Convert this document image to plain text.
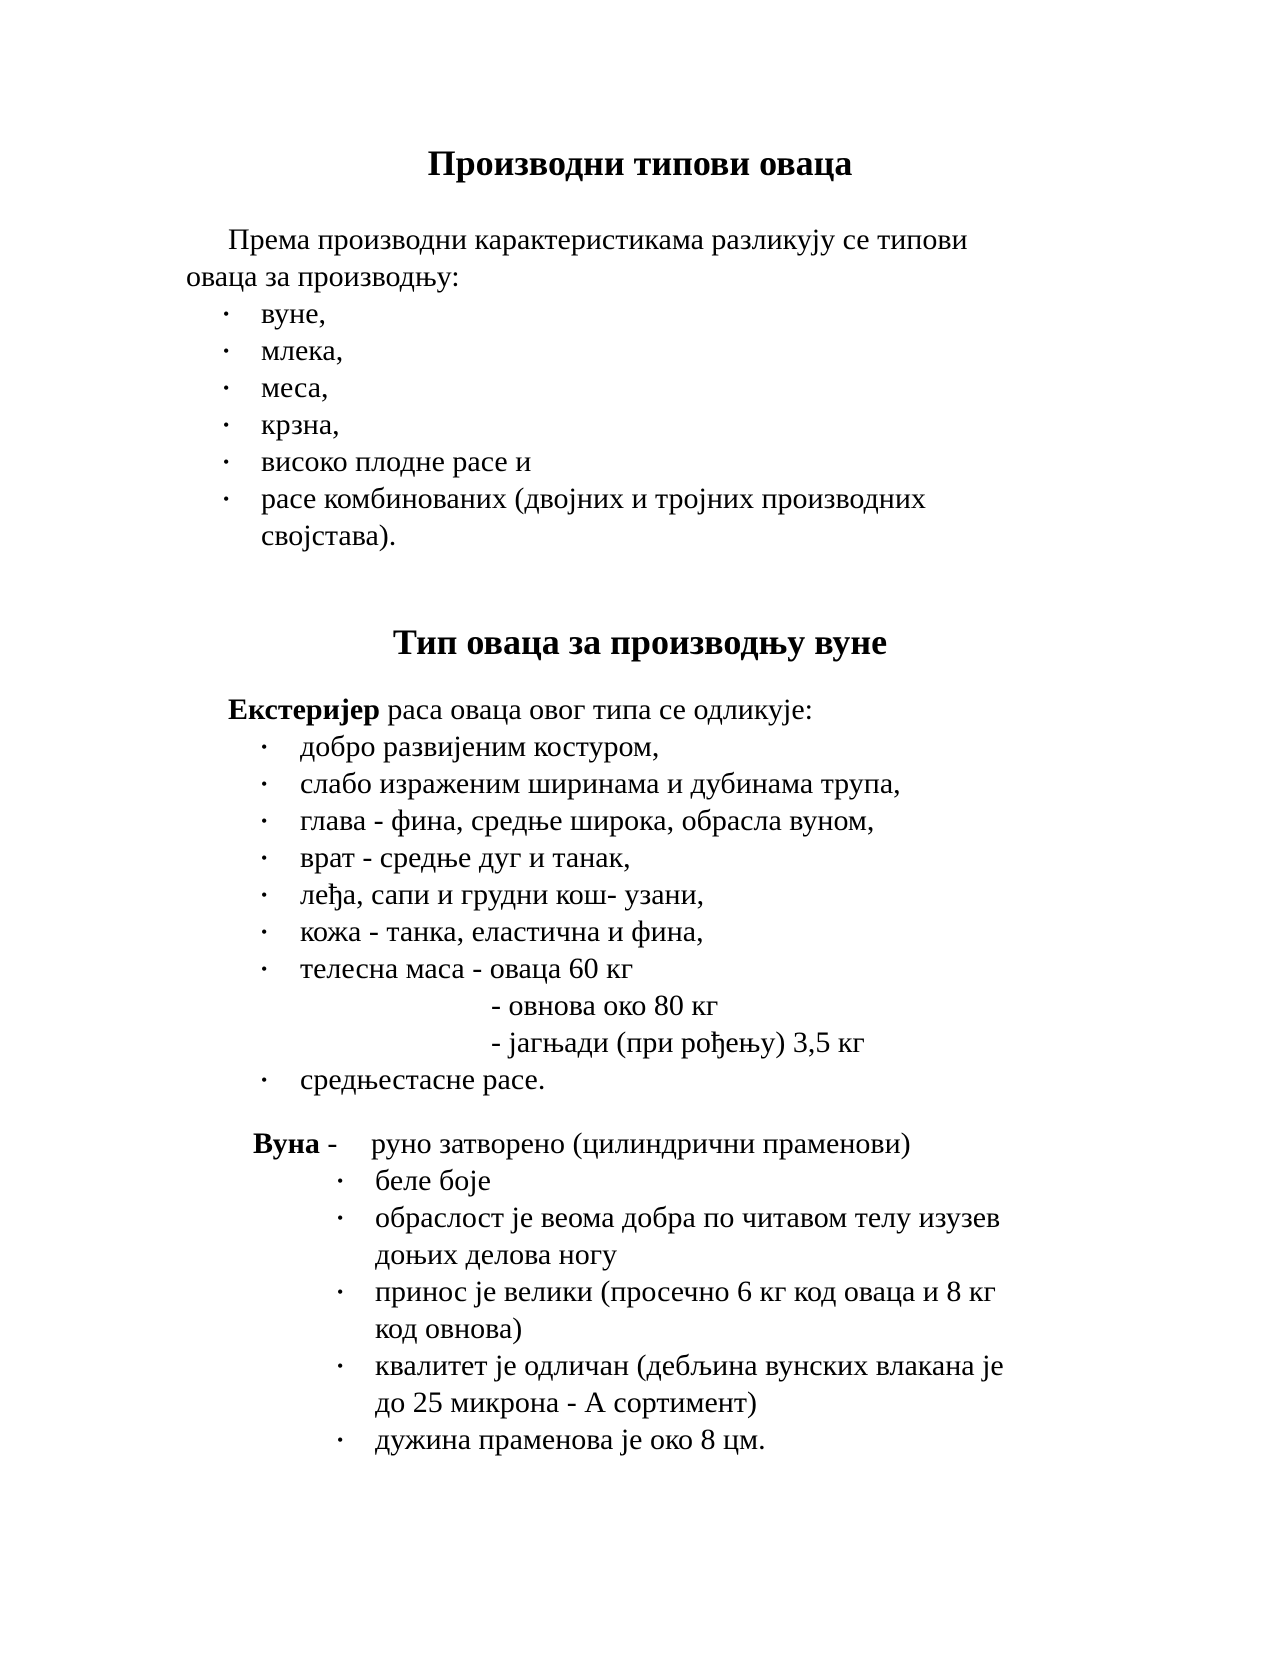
Производни типови оваца
Према производни карактеристикама разликују се типови
оваца за производњу:
• вуне,
• млека,
• меса,
• крзна,
• високо плодне расе и
• расе комбинованих (двојних и тројних производних
својстава).
Тип оваца за производњу вуне
Екстеријер раса оваца овог типа се одликује:
• добро развијеним костуром,
• слабо израженим ширинама и дубинама трупа,
• глава - фина, средње широка, обрасла вуном,
• врат - средње дуг и танак,
• леђа, сапи и грудни кош- узани,
• кожа - танка, еластична и фина,
• телесна маса - оваца 60 кг
- овнова око 80 кг
- јагњади (при рођењу) 3,5 кг
• средњестасне расе.
Вуна - руно затворено (цилиндрични праменови)
• беле боје
• обраслост је веома добра по читавом телу изузев
доњих делова ногу
• принос је велики (просечно 6 кг код оваца и 8 кг
код овнова)
• квалитет је одличан (дебљина вунских влакана је
до 25 микрона - А сортимент)
• дужина праменова је око 8 цм.
